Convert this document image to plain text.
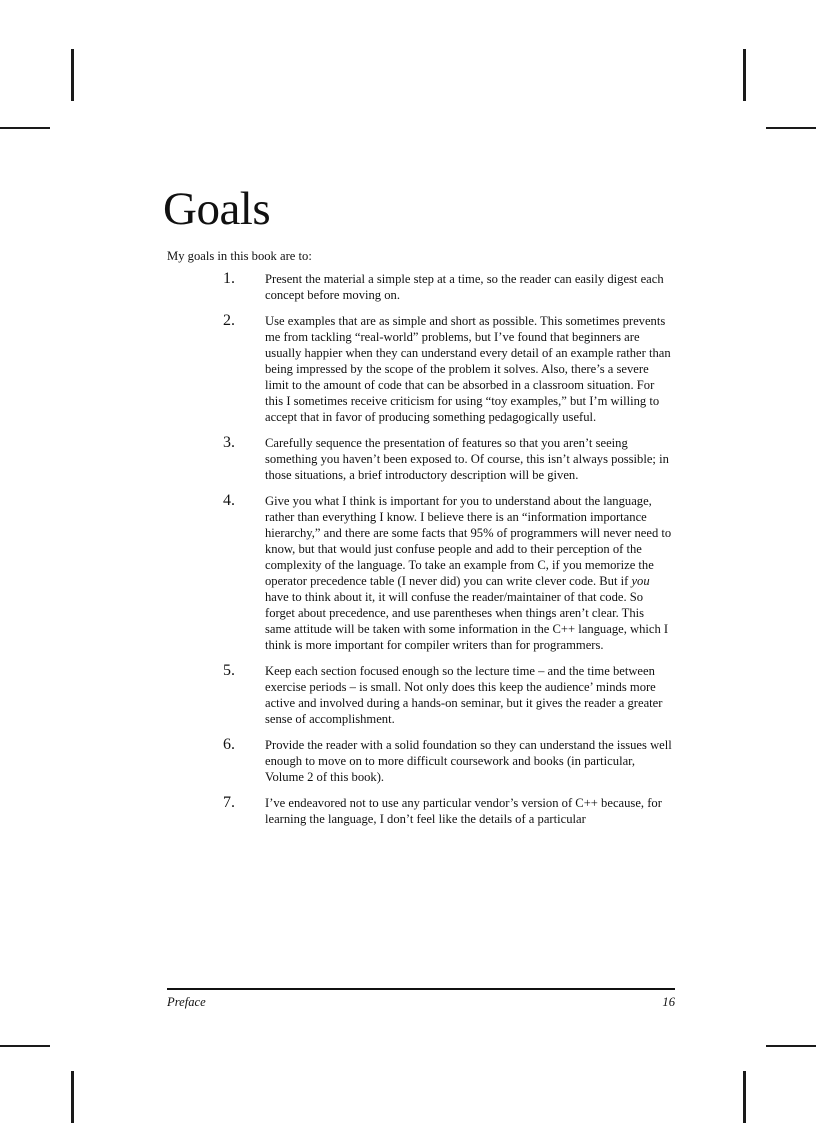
Goals

My goals in this book are to:

1. Present the material a simple step at a time, so the reader can easily digest each concept before moving on.

2. Use examples that are as simple and short as possible. This sometimes prevents me from tackling “real-world” problems, but I’ve found that beginners are usually happier when they can understand every detail of an example rather than being impressed by the scope of the problem it solves. Also, there’s a severe limit to the amount of code that can be absorbed in a classroom situation. For this I sometimes receive criticism for using “toy examples,” but I’m willing to accept that in favor of producing something pedagogically useful.

3. Carefully sequence the presentation of features so that you aren’t seeing something you haven’t been exposed to. Of course, this isn’t always possible; in those situations, a brief introductory description will be given.

4. Give you what I think is important for you to understand about the language, rather than everything I know. I believe there is an “information importance hierarchy,” and there are some facts that 95% of programmers will never need to know, but that would just confuse people and add to their perception of the complexity of the language. To take an example from C, if you memorize the operator precedence table (I never did) you can write clever code. But if you have to think about it, it will confuse the reader/maintainer of that code. So forget about precedence, and use parentheses when things aren’t clear. This same attitude will be taken with some information in the C++ language, which I think is more important for compiler writers than for programmers.

5. Keep each section focused enough so the lecture time – and the time between exercise periods – is small. Not only does this keep the audience’ minds more active and involved during a hands-on seminar, but it gives the reader a greater sense of accomplishment.

6. Provide the reader with a solid foundation so they can understand the issues well enough to move on to more difficult coursework and books (in particular, Volume 2 of this book).

7. I’ve endeavored not to use any particular vendor’s version of C++ because, for learning the language, I don’t feel like the details of a particular

Preface	16
